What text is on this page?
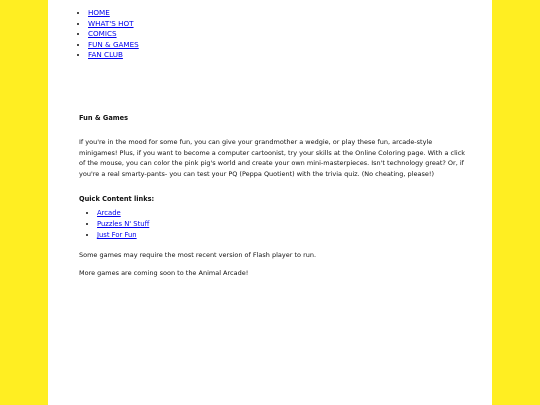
• HOME
• WHAT'S HOT
• COMICS
• FUN & GAMES
• FAN CLUB
Fun & Games

If you're in the mood for some fun, you can give your grandmother a wedgie, or play these fun, arcade-style minigames! Plus, if you want to become a computer cartoonist, try your skills at the Online Coloring page. With a click of the mouse, you can color the pink pig's world and create your own mini-masterpieces. Isn't technology great? Or, if you're a real smarty-pants- you can test your PQ (Peppa Quotient) with the trivia quiz. (No cheating, please!)

Quick Content links:

• Arcade
• Puzzles N' Stuff
• Just For Fun

Some games may require the most recent version of Flash player to run.

More games are coming soon to the Animal Arcade!
